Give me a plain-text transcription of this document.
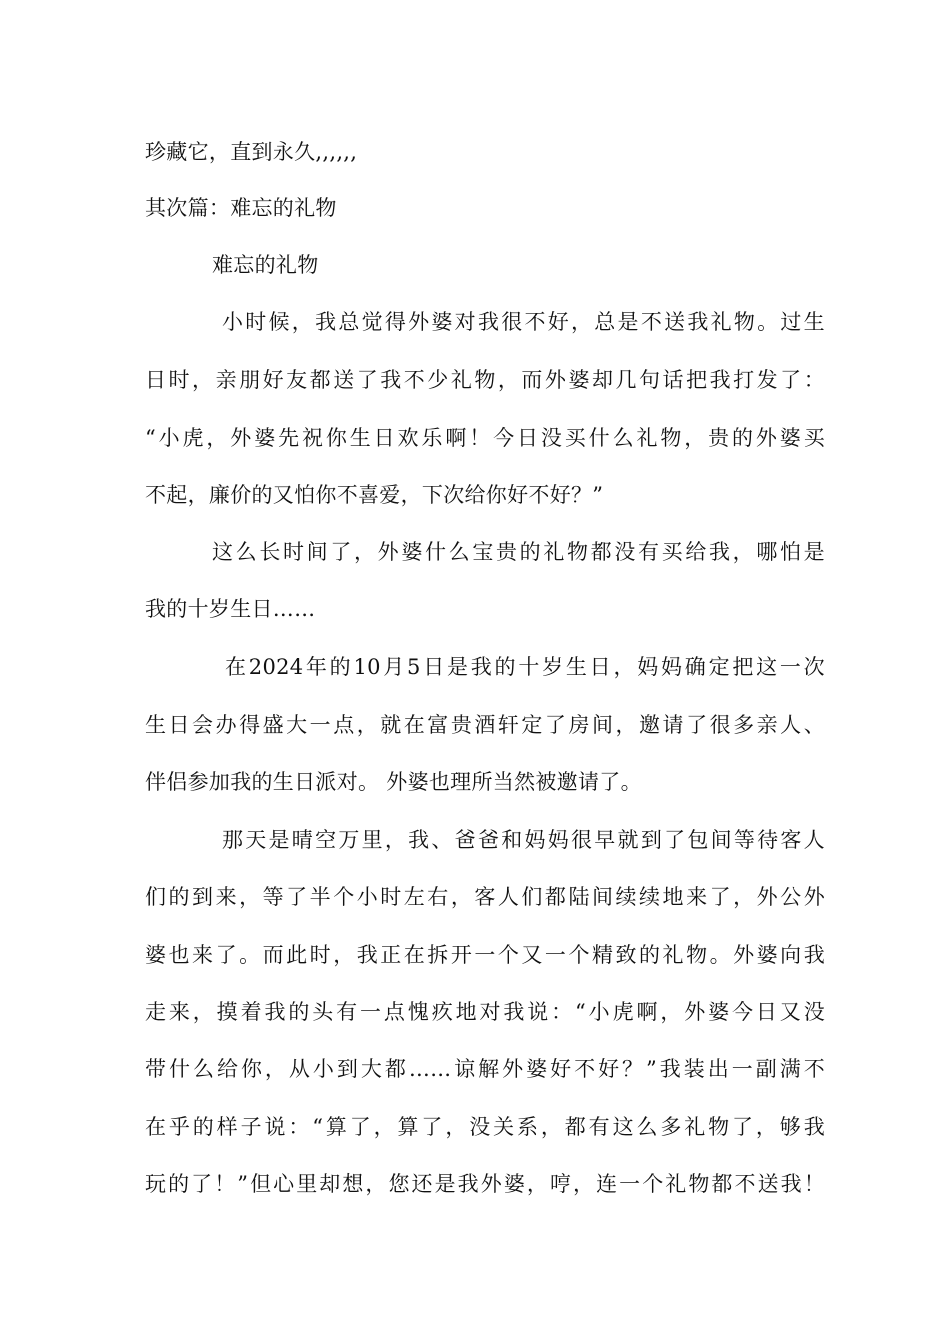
珍藏它，直到永久,,,,,,
其次篇：难忘的礼物
难忘的礼物
小时候，我总觉得外婆对我很不好，总是不送我礼物。过生
日时，亲朋好友都送了我不少礼物，而外婆却几句话把我打发了：
“小虎，外婆先祝你生日欢乐啊！今日没买什么礼物，贵的外婆买
不起，廉价的又怕你不喜爱，下次给你好不好？”
这么长时间了，外婆什么宝贵的礼物都没有买给我，哪怕是
我的十岁生日……
在2024年的10月5日是我的十岁生日，妈妈确定把这一次
生日会办得盛大一点，就在富贵酒轩定了房间，邀请了很多亲人、
伴侣参加我的生日派对。 外婆也理所当然被邀请了。
那天是晴空万里，我、爸爸和妈妈很早就到了包间等待客人
们的到来，等了半个小时左右，客人们都陆间续续地来了，外公外
婆也来了。而此时，我正在拆开一个又一个精致的礼物。外婆向我
走来，摸着我的头有一点愧疚地对我说：“小虎啊，外婆今日又没
带什么给你，从小到大都……谅解外婆好不好？”我装出一副满不
在乎的样子说：“算了，算了，没关系，都有这么多礼物了，够我
玩的了！”但心里却想，您还是我外婆，哼，连一个礼物都不送我！
